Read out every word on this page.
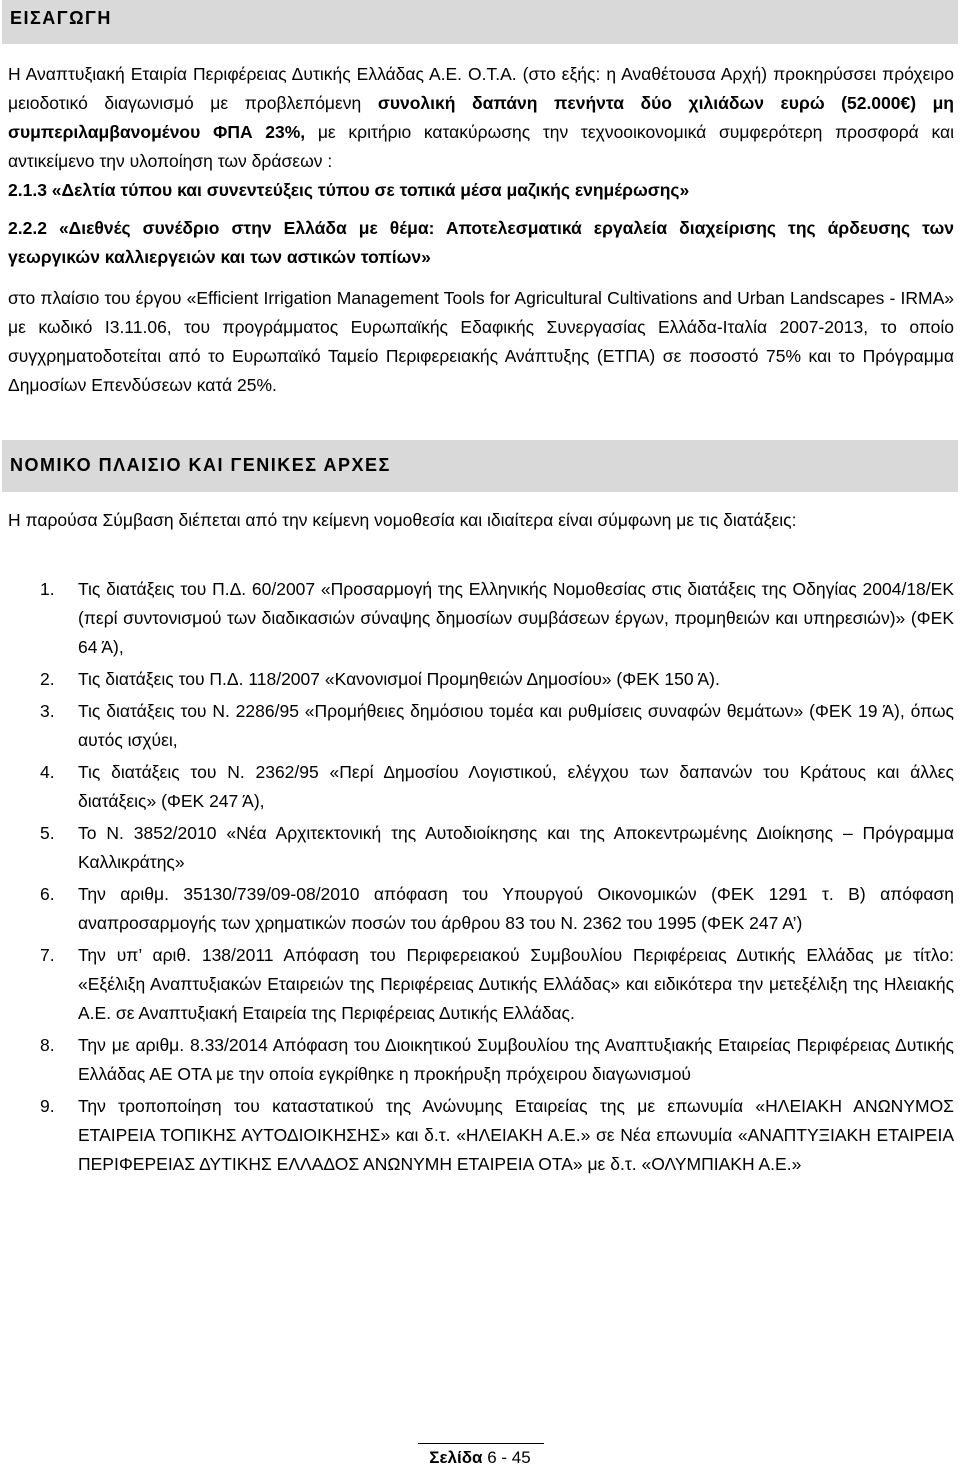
ΕΙΣΑΓΩΓΗ
Η Αναπτυξιακή Εταιρία Περιφέρειας Δυτικής Ελλάδας Α.Ε. Ο.Τ.Α. (στο εξής: η Αναθέτουσα Αρχή) προκηρύσσει πρόχειρο μειοδοτικό διαγωνισμό με προβλεπόμενη συνολική δαπάνη πενήντα δύο χιλιάδων ευρώ (52.000€) μη συμπεριλαμβανομένου ΦΠΑ 23%, με κριτήριο κατακύρωσης την τεχνοοικονομικά συμφερότερη προσφορά και αντικείμενο την υλοποίηση των δράσεων :
2.1.3 «Δελτία τύπου και συνεντεύξεις τύπου σε τοπικά μέσα μαζικής ενημέρωσης»
2.2.2 «Διεθνές συνέδριο στην Ελλάδα με θέμα: Αποτελεσματικά εργαλεία διαχείρισης της άρδευσης των γεωργικών καλλιεργειών και των αστικών τοπίων»
στο πλαίσιο του έργου «Efficient Irrigation Management Tools for Agricultural Cultivations and Urban Landscapes - IRMA» με κωδικό I3.11.06, του προγράμματος Ευρωπαϊκής Εδαφικής Συνεργασίας Ελλάδα-Ιταλία 2007-2013, το οποίο συγχρηματοδοτείται από το Ευρωπαϊκό Ταμείο Περιφερειακής Ανάπτυξης (ΕΤΠΑ) σε ποσοστό 75% και το Πρόγραμμα Δημοσίων Επενδύσεων κατά 25%.
ΝΟΜΙΚΟ ΠΛΑΙΣΙΟ ΚΑΙ ΓΕΝΙΚΕΣ ΑΡΧΕΣ
Η παρούσα Σύμβαση διέπεται από την κείμενη νομοθεσία και ιδιαίτερα είναι σύμφωνη με τις διατάξεις:
1. Τις διατάξεις του Π.Δ. 60/2007 «Προσαρμογή της Ελληνικής Νομοθεσίας στις διατάξεις της Οδηγίας 2004/18/ΕΚ (περί συντονισμού των διαδικασιών σύναψης δημοσίων συμβάσεων έργων, προμηθειών και υπηρεσιών)» (ΦΕΚ 64 Ά),
2. Τις διατάξεις του Π.Δ. 118/2007 «Κανονισμοί Προμηθειών Δημοσίου» (ΦΕΚ 150 Ά).
3. Τις διατάξεις του Ν. 2286/95 «Προμήθειες δημόσιου τομέα και ρυθμίσεις συναφών θεμάτων» (ΦΕΚ 19 Ά), όπως αυτός ισχύει,
4. Τις διατάξεις του Ν. 2362/95 «Περί Δημοσίου Λογιστικού, ελέγχου των δαπανών του Κράτους και άλλες διατάξεις» (ΦΕΚ 247 Ά),
5. Το Ν. 3852/2010 «Νέα Αρχιτεκτονική της Αυτοδιοίκησης και της Αποκεντρωμένης Διοίκησης – Πρόγραμμα Καλλικράτης»
6. Την αριθμ. 35130/739/09-08/2010 απόφαση του Υπουργού Οικονομικών (ΦΕΚ 1291 τ. Β) απόφαση αναπροσαρμογής των χρηματικών ποσών του άρθρου 83 του Ν. 2362 του 1995 (ΦΕΚ 247 Α’)
7. Την υπ’ αριθ. 138/2011 Απόφαση του Περιφερειακού Συμβουλίου Περιφέρειας Δυτικής Ελλάδας με τίτλο: «Εξέλιξη Αναπτυξιακών Εταιρειών της Περιφέρειας Δυτικής Ελλάδας» και ειδικότερα την μετεξέλιξη της Ηλειακής Α.Ε. σε Αναπτυξιακή Εταιρεία της Περιφέρειας Δυτικής Ελλάδας.
8. Την με αριθμ. 8.33/2014 Απόφαση του Διοικητικού Συμβουλίου της Αναπτυξιακής Εταιρείας Περιφέρειας Δυτικής Ελλάδας ΑΕ ΟΤΑ με την οποία εγκρίθηκε η προκήρυξη πρόχειρου διαγωνισμού
9. Την τροποποίηση του καταστατικού της Ανώνυμης Εταιρείας της με επωνυμία «ΗΛΕΙΑΚΗ ΑΝΩΝΥΜΟΣ ΕΤΑΙΡΕΙΑ ΤΟΠΙΚΗΣ ΑΥΤΟΔΙΟΙΚΗΣΗΣ» και δ.τ. «ΗΛΕΙΑΚΗ Α.Ε.» σε Νέα επωνυμία «ΑΝΑΠΤΥΞΙΑΚΗ ΕΤΑΙΡΕΙΑ ΠΕΡΙΦΕΡΕΙΑΣ ΔΥΤΙΚΗΣ ΕΛΛΑΔΟΣ ΑΝΩΝΥΜΗ ΕΤΑΙΡΕΙΑ ΟΤΑ» με δ.τ. «ΟΛΥΜΠΙΑΚΗ Α.Ε.»
Σελίδα 6 - 45
